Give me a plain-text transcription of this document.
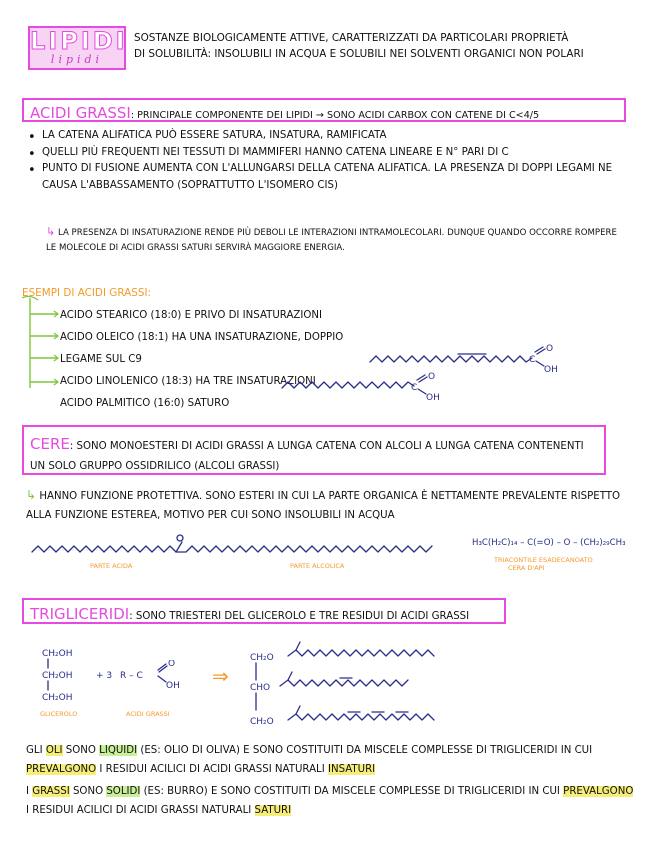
LIPIDI
lipidi
SOSTANZE BIOLOGICAMENTE ATTIVE, CARATTERIZZATI DA PARTICOLARI PROPRIETÀ
DI SOLUBILITÀ: INSOLUBILI IN ACQUA E SOLUBILI NEI SOLVENTI ORGANICI NON POLARI
ACIDI GRASSI: PRINCIPALE COMPONENTE DEI LIPIDI → SONO ACIDI CARBOX CON CATENE DI C<4/5
• LA CATENA ALIFATICA PUÒ ESSERE SATURA, INSATURA, RAMIFICATA
• QUELLI PIÙ FREQUENTI NEI TESSUTI DI MAMMIFERI HANNO CATENA LINEARE E N° PARI DI C
• PUNTO DI FUSIONE AUMENTA CON L'ALLUNGARSI DELLA CATENA ALIFATICA. LA PRESENZA DI DOPPI LEGAMI NE CAUSA L'ABBASSAMENTO (SOPRATTUTTO L'ISOMERO CIS)
↳ LA PRESENZA DI INSATURAZIONE RENDE PIÙ DEBOLI LE INTERAZIONI INTRAMOLECOLARI. DUNQUE QUANDO OCCORRE ROMPERE LE MOLECOLE DI ACIDI GRASSI SATURI SERVIRÀ MAGGIORE ENERGIA.
ESEMPI DI ACIDI GRASSI:
ACIDO STEARICO (18:0) E PRIVO DI INSATURAZIONI
ACIDO OLEICO (18:1) HA UNA INSATURAZIONE, DOPPIO LEGAME SUL C9
ACIDO LINOLENICO (18:3) HA TRE INSATURAZIONI
ACIDO PALMITICO (16:0) SATURO
C
O
OH
C
O
OH
CERE: SONO MONOESTERI DI ACIDI GRASSI A LUNGA CATENA CON ALCOLI A LUNGA CATENA CONTENENTI UN SOLO GRUPPO OSSIDRILICO (ALCOLI GRASSI)
↳ HANNO FUNZIONE PROTETTIVA. SONO ESTERI IN CUI LA PARTE ORGANICA È NETTAMENTE PREVALENTE RISPETTO ALLA FUNZIONE ESTEREA, MOTIVO PER CUI SONO INSOLUBILI IN ACQUA
PARTE ACIDA	PARTE ALCOLICA
H₃C(H₂C)₁₄ – C(=O) – O – (CH₂)₂₉CH₃
TRIACONTILE ESADECANOATO
CERA D'API
TRIGLICERIDI: SONO TRIESTERI DEL GLICEROLO E TRE RESIDUI DI ACIDI GRASSI
CH₂OH
CH₂OH
CH₂OH
GLICEROLO
+ 3 R – C
O
OH
ACIDI GRASSI
⇒
CH₂O
CHO
CH₂O
GLI OLI SONO LIQUIDI (ES: OLIO DI OLIVA) E SONO COSTITUITI DA MISCELE COMPLESSE DI TRIGLICERIDI IN CUI PREVALGONO I RESIDUI ACILICI DI ACIDI GRASSI NATURALI INSATURI
I GRASSI SONO SOLIDI (ES: BURRO) E SONO COSTITUITI DA MISCELE COMPLESSE DI TRIGLICERIDI IN CUI PREVALGONO I RESIDUI ACILICI DI ACIDI GRASSI NATURALI SATURI
